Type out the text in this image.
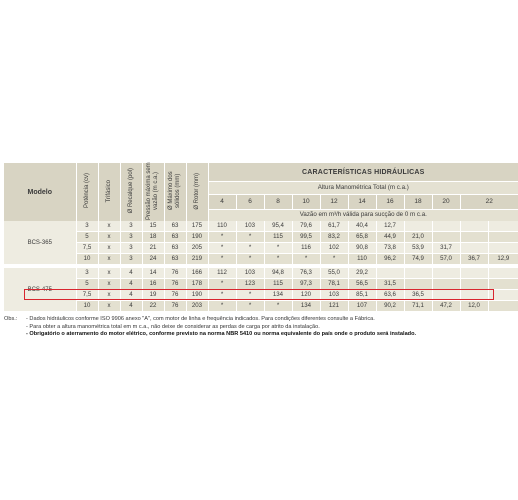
Modelo	Potência (cv)	Trifásico	Ø Recalque (pol)	Pressão máxima sem vazão (m c.a.)	Ø Máximo dos sólidos (mm)	Ø Rotor (mm)	CARACTERÍSTICAS HIDRÁULICAS										
							Altura Manométrica Total (m c.a.)										
							4	6	8	10	12	14	16	18	20	22	
							Vazão em m³/h válida para sucção de 0 m c.a.										
BCS-365	3	x	3	15	63	175	110	103	95,4	79,6	61,7	40,4	12,7				
	5	x	3	18	63	190	*	*	115	99,5	83,2	65,8	44,9	21,0			
	7,5	x	3	21	63	205	*	*	*	116	102	90,8	73,8	53,9	31,7		
	10	x	3	24	63	219	*	*	*	*	*	110	96,2	74,9	57,0	36,7	12,9

BCS-475	3	x	4	14	76	166	112	103	94,8	76,3	55,0	29,2					
	5	x	4	16	76	178	*	123	115	97,3	78,1	56,5	31,5				
	7,5	x	4	19	76	190	*	*	134	120	103	85,1	63,6	36,5			
	10	x	4	22	76	203	*	*	*	134	121	107	90,2	71,1	47,2	12,0	
Obs.:	- Dados hidráulicos conforme ISO 9906 anexo "A", com motor de linha e frequência indicados. Para condições diferentes consulte a Fábrica.
- Para obter a altura manométrica total em m c.a., não deixe de considerar as perdas de carga por atrito da instalação.
- Obrigatório o aterramento do motor elétrico, conforme previsto na norma NBR 5410 ou norma equivalente do país onde o produto será instalado.
